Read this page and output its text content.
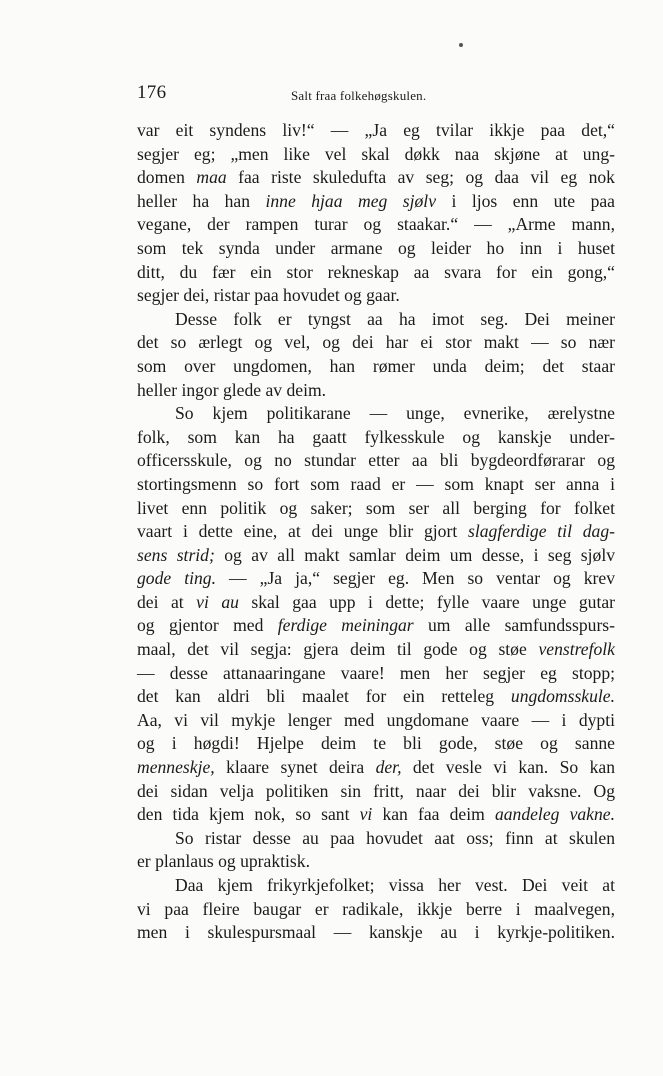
176	Salt fraa folkehøgskulen.
var eit syndens liv!“ — „Ja eg tvilar ikkje paa det,“
segjer eg; „men like vel skal døkk naa skjøne at ung-
domen maa faa riste skuledufta av seg; og daa vil eg nok
heller ha han inne hjaa meg sjølv i ljos enn ute paa
vegane, der rampen turar og staakar.“ — „Arme mann,
som tek synda under armane og leider ho inn i huset
ditt, du fær ein stor rekneskap aa svara for ein gong,“
segjer dei, ristar paa hovudet og gaar.
Desse folk er tyngst aa ha imot seg. Dei meiner
det so ærlegt og vel, og dei har ei stor makt — so nær
som over ungdomen, han rømer unda deim; det staar
heller ingor glede av deim.
So kjem politikarane — unge, evnerike, ærelystne
folk, som kan ha gaatt fylkesskule og kanskje under-
officersskule, og no stundar etter aa bli bygdeordførarar og
stortingsmenn so fort som raad er — som knapt ser anna i
livet enn politik og saker; som ser all berging for folket
vaart i dette eine, at dei unge blir gjort slagferdige til dag-
sens strid; og av all makt samlar deim um desse, i seg sjølv
gode ting. — „Ja ja,“ segjer eg. Men so ventar og krev
dei at vi au skal gaa upp i dette; fylle vaare unge gutar
og gjentor med ferdige meiningar um alle samfundsspurs-
maal, det vil segja: gjera deim til gode og støe venstrefolk
— desse attanaaringane vaare! men her segjer eg stopp;
det kan aldri bli maalet for ein retteleg ungdomsskule.
Aa, vi vil mykje lenger med ungdomane vaare — i dypti
og i høgdi! Hjelpe deim te bli gode, støe og sanne
menneskje, klaare synet deira der, det vesle vi kan. So kan
dei sidan velja politiken sin fritt, naar dei blir vaksne. Og
den tida kjem nok, so sant vi kan faa deim aandeleg vakne.
So ristar desse au paa hovudet aat oss; finn at skulen
er planlaus og upraktisk.
Daa kjem frikyrkjefolket; vissa her vest. Dei veit at
vi paa fleire baugar er radikale, ikkje berre i maalvegen,
men i skulespursmaal — kanskje au i kyrkje-politiken.
